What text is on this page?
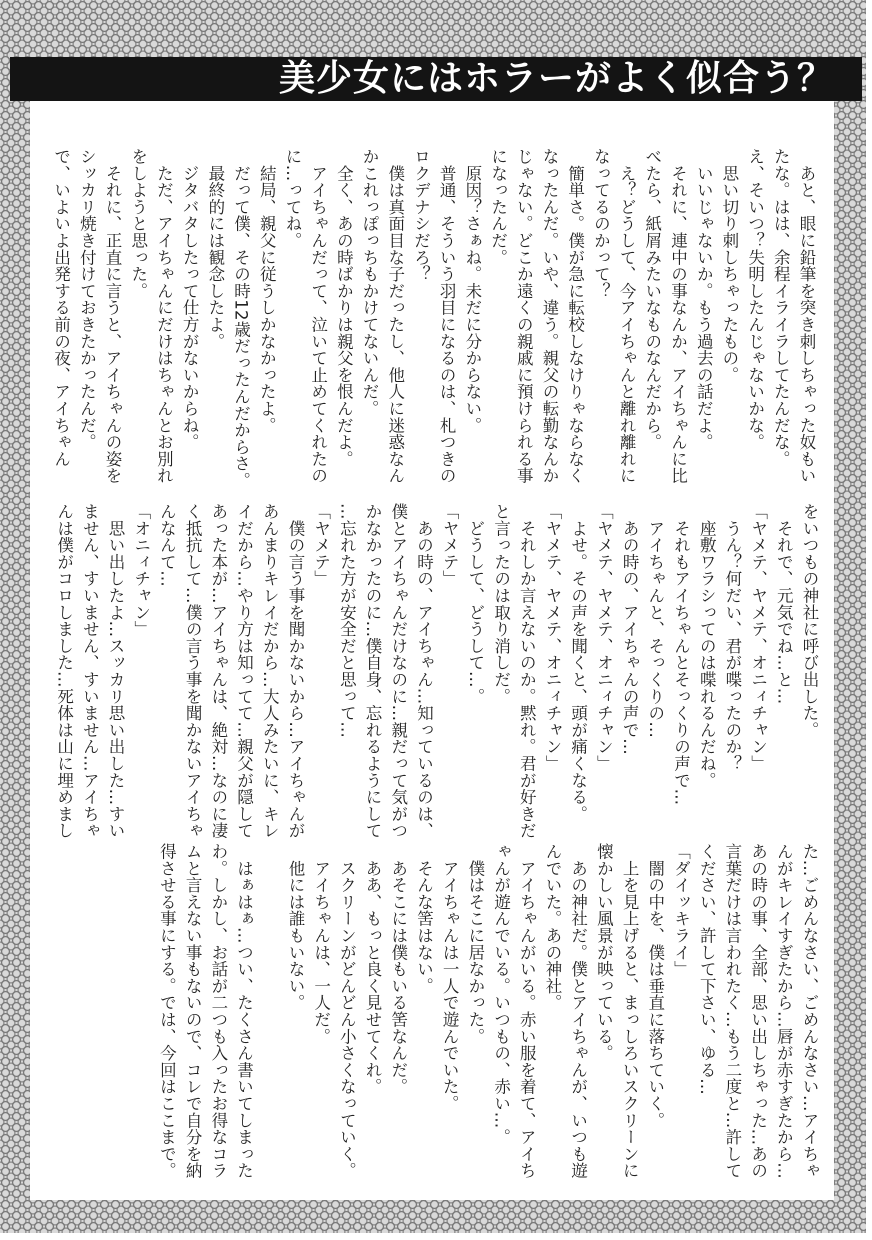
美少女にはホラーがよく似合う？
　あと、眼に鉛筆を突き刺しちゃった奴もい
たな。はは、余程イライラしてたんだな。
え、そいつ？失明したんじゃないかな。
　思い切り刺しちゃったもの。
　いいじゃないか。もう過去の話だよ。
　それに、連中の事なんか、アイちゃんに比
べたら、紙屑みたいなものなんだから。
　え？どうして、今アイちゃんと離れ離れに
なってるのかって？
　簡単さ。僕が急に転校しなけりゃならなく
なったんだ。いや、違う。親父の転勤なんか
じゃない。どこか遠くの親戚に預けられる事
になったんだ。
　原因？さぁね。未だに分からない。
　普通、そういう羽目になるのは、札つきの
ロクデナシだろ？
　僕は真面目な子だったし、他人に迷惑なん
かこれっぽっちもかけてないんだ。
　全く、あの時ばかりは親父を恨んだよ。
　アイちゃんだって、泣いて止めてくれたの
に…ってね。
　結局、親父に従うしかなかったよ。
　だって僕、その時12歳だったんだからさ。
　最終的には観念したよ。
　ジタバタしたって仕方がないからね。
　ただ、アイちゃんにだけはちゃんとお別れ
をしようと思った。
　それに、正直に言うと、アイちゃんの姿を
シッカリ焼き付けておきたかったんだ。
で、いよいよ出発する前の夜、アイちゃん
をいつもの神社に呼び出した。
　それで、元気でね…と…
「ヤメテ、ヤメテ、オニィチャン」
　うん？何だい、君が喋ったのか？
　座敷ワラシってのは喋れるんだね。
　それもアイちゃんとそっくりの声で…
　アイちゃんと、そっくりの…
　あの時の、アイちゃんの声で…
「ヤメテ、ヤメテ、オニィチャン」
　よせ。その声を聞くと、頭が痛くなる。
「ヤメテ、ヤメテ、オニィチャン」
　それしか言えないのか。黙れ。君が好きだ
と言ったのは取り消しだ。
　どうして、どうして…。
「ヤメテ」
　あの時の、アイちゃん…知っているのは、
僕とアイちゃんだけなのに…親だって気がつ
かなかったのに…僕自身、忘れるようにして
…忘れた方が安全だと思って…
「ヤメテ」
　僕の言う事を聞かないから…アイちゃんが
あんまりキレイだから…大人みたいに、キレ
イだから…やり方は知ってて…親父が隠して
あった本が…アイちゃんは、絶対…なのに凄
く抵抗して…僕の言う事を聞かないアイちゃ
んなんて…
「オニィチャン」
　思い出したよ…スッカリ思い出した…すい
ません、すいません、すいません…アイちゃ
んは僕がコロしました…死体は山に埋めまし
た…ごめんなさい、ごめんなさい…アイちゃ
んがキレイすぎたから…唇が赤すぎたから…
あの時の事、全部、思い出しちゃった…あの
言葉だけは言われたく…もう二度と…許して
ください、許して下さい、ゆる…
「ダイッキライ」
　闇の中を、僕は垂直に落ちていく。
　上を見上げると、まっしろいスクリーンに
懐かしい風景が映っている。
　あの神社だ。僕とアイちゃんが、いつも遊
んでいた。あの神社。
　アイちゃんがいる。赤い服を着て、アイち
ゃんが遊んでいる。いつもの、赤い…。
　僕はそこに居なかった。
　アイちゃんは一人で遊んでいた。
　そんな筈はない。
　あそこには僕もいる筈なんだ。
　ああ、もっと良く見せてくれ。
　スクリーンがどんどん小さくなっていく。
　アイちゃんは、一人だ。
　他には誰もいない。

　はぁはぁ…つい、たくさん書いてしまった
わ。しかし、お話が二つも入ったお得なコラ
ムと言えない事もないので、コレで自分を納
得させる事にする。では、今回はここまで。
